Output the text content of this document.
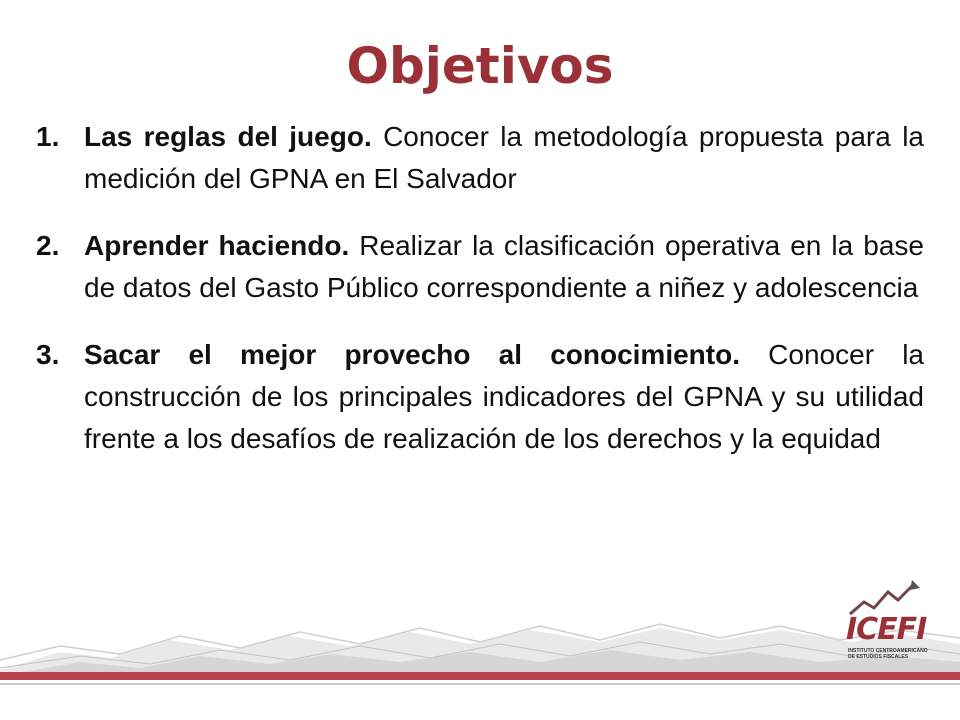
Objetivos
1. Las reglas del juego. Conocer la metodología propuesta para la medición del GPNA en El Salvador
2. Aprender haciendo. Realizar la clasificación operativa en la base de datos del Gasto Público correspondiente a niñez y adolescencia
3. Sacar el mejor provecho al conocimiento. Conocer la construcción de los principales indicadores del GPNA y su utilidad frente a los desafíos de realización de los derechos y la equidad
ICEFI
INSTITUTO CENTROAMERICANO DE ESTUDIOS FISCALES
